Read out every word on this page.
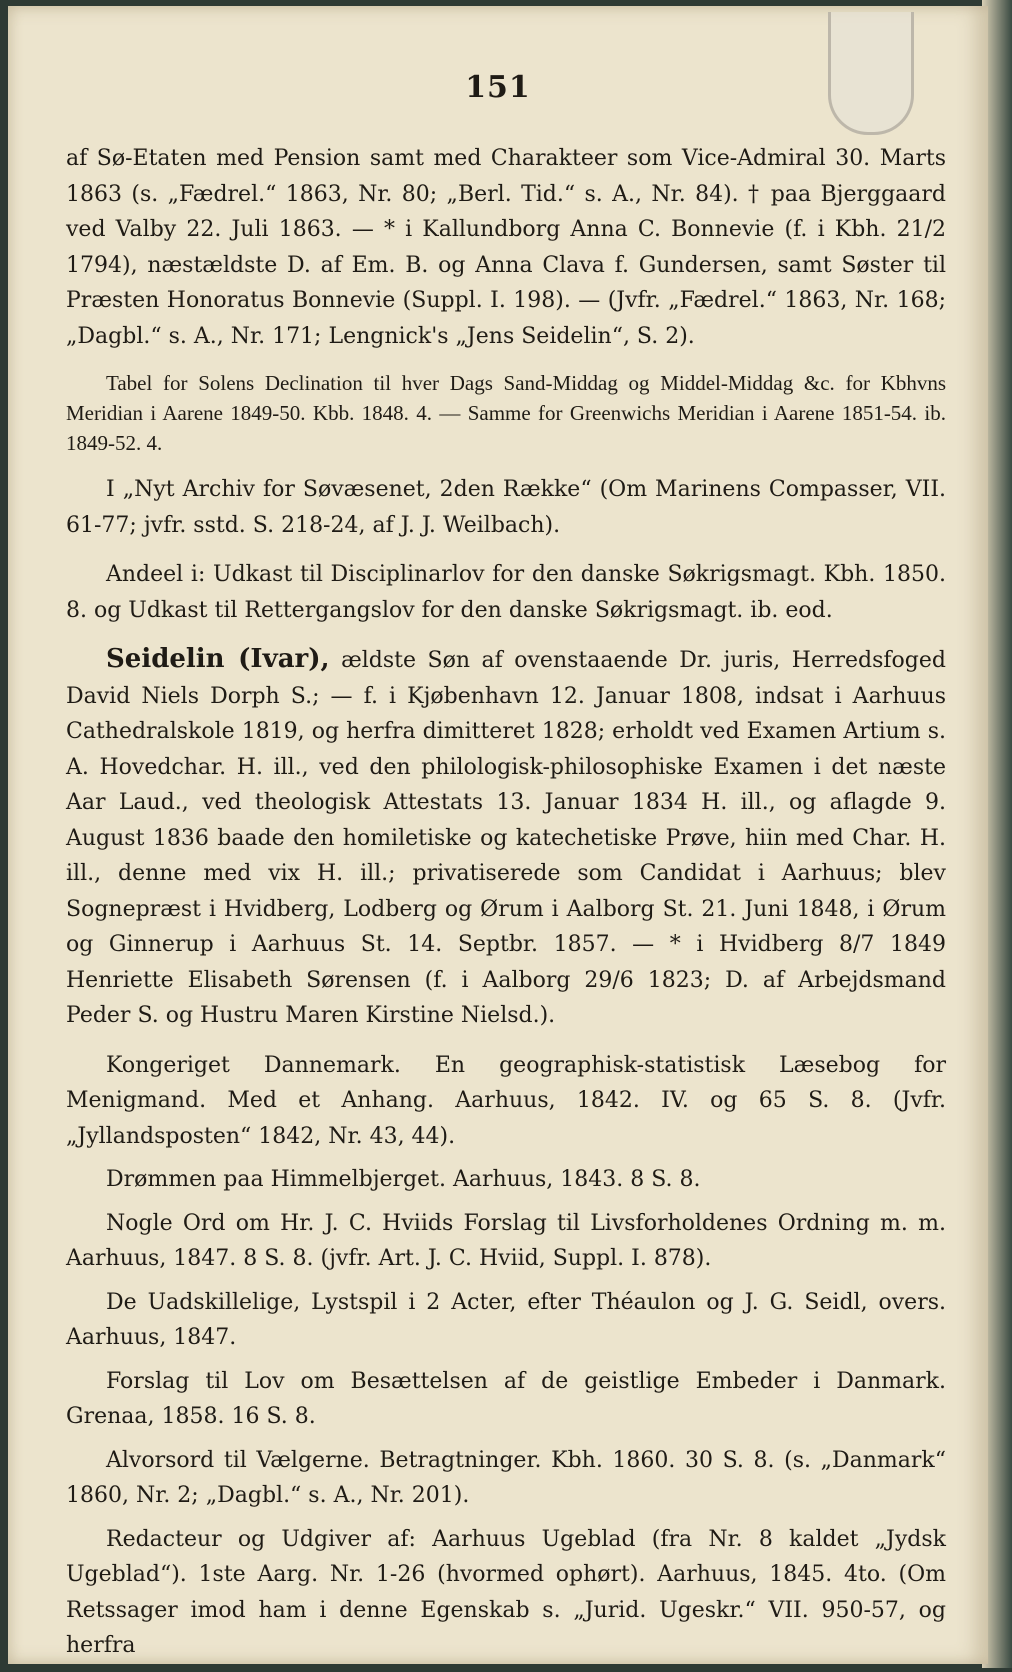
151

af Sø-Etaten med Pension samt med Charakteer som Vice-Admiral 30. Marts 1863 (s. „Fædrel.“ 1863, Nr. 80; „Berl. Tid.“ s. A., Nr. 84). † paa Bjerggaard ved Valby 22. Juli 1863. — * i Kallundborg Anna C. Bonnevie (f. i Kbh. 21/2 1794), næstældste D. af Em. B. og Anna Clava f. Gundersen, samt Søster til Præsten Honoratus Bonnevie (Suppl. I. 198). — (Jvfr. „Fædrel.“ 1863, Nr. 168; „Dagbl.“ s. A., Nr. 171; Lengnick's „Jens Seidelin“, S. 2).

Tabel for Solens Declination til hver Dags Sand-Middag og Middel-Middag &c. for Kbhvns Meridian i Aarene 1849-50. Kbb. 1848. 4. — Samme for Greenwichs Meridian i Aarene 1851-54. ib. 1849-52. 4.

I „Nyt Archiv for Søvæsenet, 2den Række“ (Om Marinens Compasser, VII. 61-77; jvfr. sstd. S. 218-24, af J. J. Weilbach).

Andeel i: Udkast til Disciplinarlov for den danske Søkrigsmagt. Kbh. 1850. 8. og Udkast til Rettergangslov for den danske Søkrigsmagt. ib. eod.

Seidelin (Ivar), ældste Søn af ovenstaaende Dr. juris, Herredsfoged David Niels Dorph S.; — f. i Kjøbenhavn 12. Januar 1808, indsat i Aarhuus Cathedralskole 1819, og herfra dimitteret 1828; erholdt ved Examen Artium s. A. Hovedchar. H. ill., ved den philologisk-philosophiske Examen i det næste Aar Laud., ved theologisk Attestats 13. Januar 1834 H. ill., og aflagde 9. August 1836 baade den homiletiske og katechetiske Prøve, hiin med Char. H. ill., denne med vix H. ill.; privatiserede som Candidat i Aarhuus; blev Sognepræst i Hvidberg, Lodberg og Ørum i Aalborg St. 21. Juni 1848, i Ørum og Ginnerup i Aarhuus St. 14. Septbr. 1857. — * i Hvidberg 8/7 1849 Henriette Elisabeth Sørensen (f. i Aalborg 29/6 1823; D. af Arbejdsmand Peder S. og Hustru Maren Kirstine Nielsd.).

Kongeriget Dannemark. En geographisk-statistisk Læsebog for Menigmand. Med et Anhang. Aarhuus, 1842. IV. og 65 S. 8. (Jvfr. „Jyllandsposten“ 1842, Nr. 43, 44).

Drømmen paa Himmelbjerget. Aarhuus, 1843. 8 S. 8.

Nogle Ord om Hr. J. C. Hviids Forslag til Livsforholdenes Ordning m. m. Aarhuus, 1847. 8 S. 8. (jvfr. Art. J. C. Hviid, Suppl. I. 878).

De Uadskillelige, Lystspil i 2 Acter, efter Théaulon og J. G. Seidl, overs. Aarhuus, 1847.

Forslag til Lov om Besættelsen af de geistlige Embeder i Danmark. Grenaa, 1858. 16 S. 8.

Alvorsord til Vælgerne. Betragtninger. Kbh. 1860. 30 S. 8. (s. „Danmark“ 1860, Nr. 2; „Dagbl.“ s. A., Nr. 201).

Redacteur og Udgiver af: Aarhuus Ugeblad (fra Nr. 8 kaldet „Jydsk Ugeblad“). 1ste Aarg. Nr. 1-26 (hvormed ophørt). Aarhuus, 1845. 4to. (Om Retssager imod ham i denne Egenskab s. „Jurid. Ugeskr.“ VII. 950-57, og herfra
